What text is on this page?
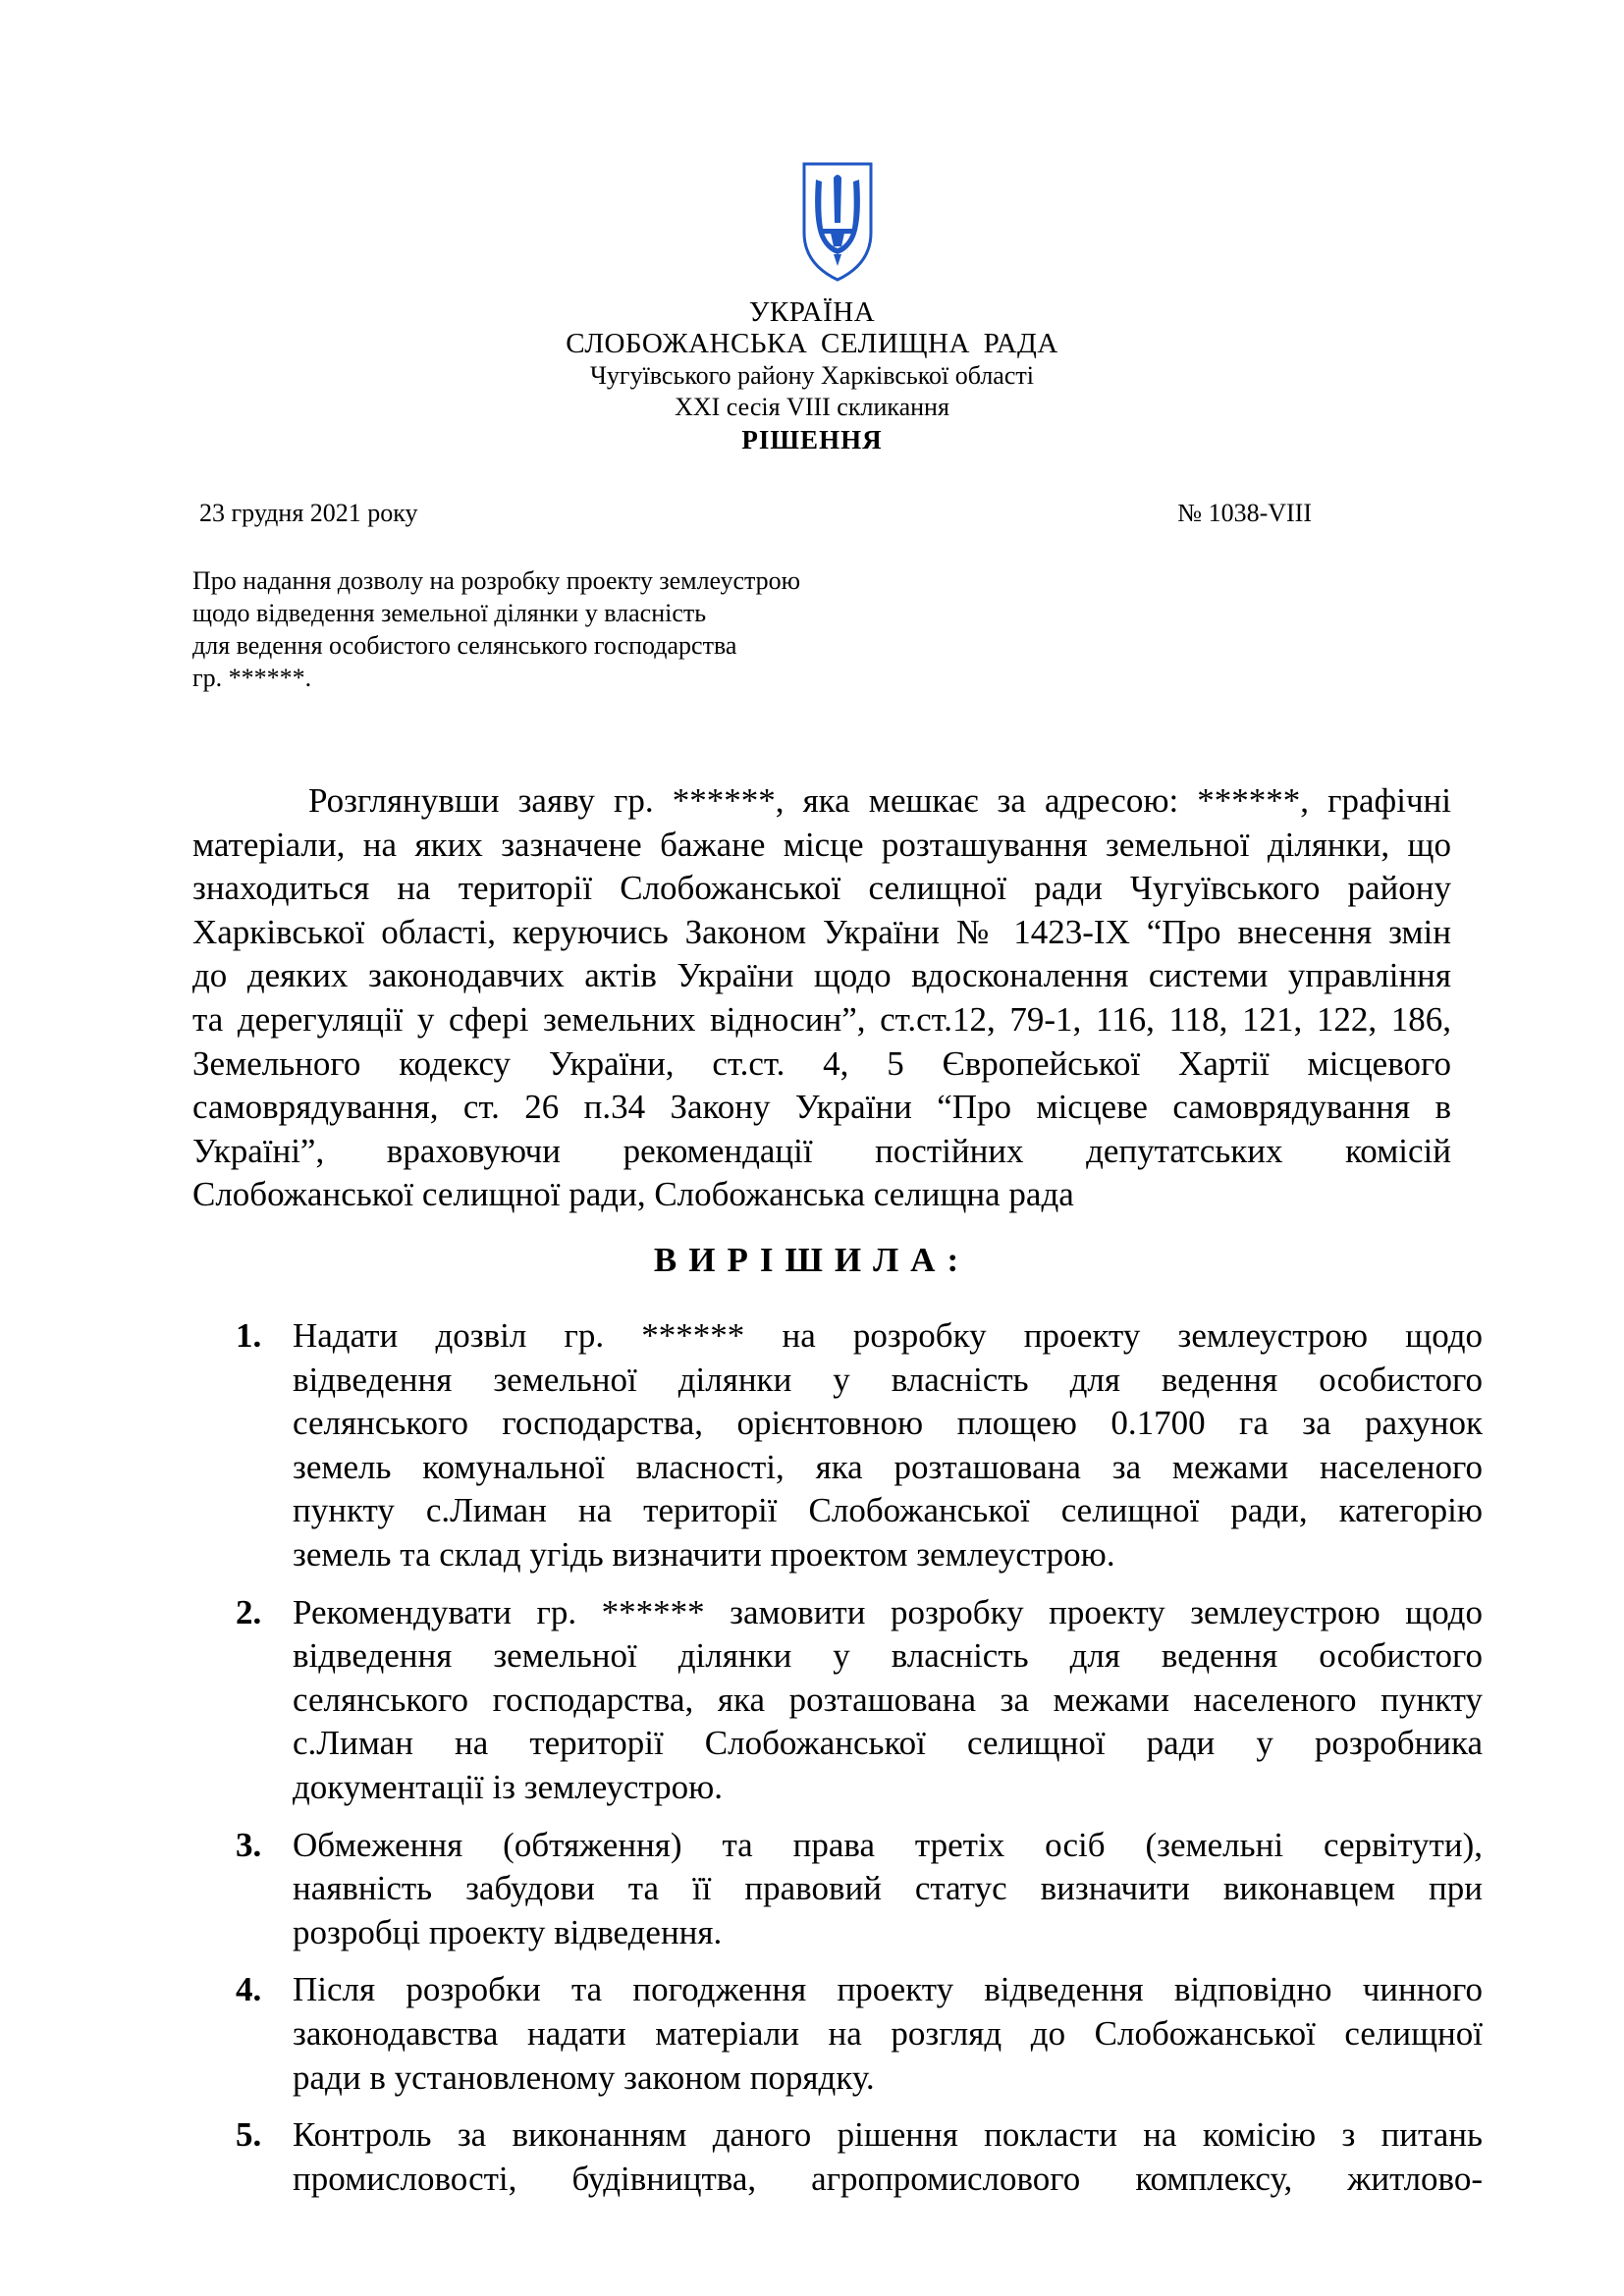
УКРАЇНА
СЛОБОЖАНСЬКА СЕЛИЩНА РАДА
Чугуївського району Харківської області
XXI сесія VIII скликання
РІШЕННЯ
23 грудня 2021 року	№ 1038-VIII
Про надання дозволу на розробку проекту землеустрою
щодо відведення земельної ділянки у власність
для ведення особистого селянського господарства
гр. ******.
Розглянувши заяву гр. ******, яка мешкає за адресою: ******, графічні
матеріали, на яких зазначене бажане місце розташування земельної ділянки, що
знаходиться на території Слобожанської селищної ради Чугуївського району
Харківської області, керуючись Законом України № 1423-IX “Про внесення змін
до деяких законодавчих актів України щодо вдосконалення системи управління
та дерегуляції у сфері земельних відносин”, ст.ст.12, 79-1, 116, 118, 121, 122, 186,
Земельного кодексу України, ст.ст. 4, 5 Європейської Хартії місцевого
самоврядування, ст. 26 п.34 Закону України “Про місцеве самоврядування в
Україні”, враховуючи рекомендації постійних депутатських комісій
Слобожанської селищної ради, Слобожанська селищна рада
ВИРІШИЛА:
1. Надати дозвіл гр. ****** на розробку проекту землеустрою щодо
відведення земельної ділянки у власність для ведення особистого
селянського господарства, орієнтовною площею 0.1700 га за рахунок
земель комунальної власності, яка розташована за межами населеного
пункту с.Лиман на території Слобожанської селищної ради, категорію
земель та склад угідь визначити проектом землеустрою.
2. Рекомендувати гр. ****** замовити розробку проекту землеустрою щодо
відведення земельної ділянки у власність для ведення особистого
селянського господарства, яка розташована за межами населеного пункту
с.Лиман на території Слобожанської селищної ради у розробника
документації із землеустрою.
3. Обмеження (обтяження) та права третіх осіб (земельні сервітути),
наявність забудови та її правовий статус визначити виконавцем при
розробці проекту відведення.
4. Після розробки та погодження проекту відведення відповідно чинного
законодавства надати матеріали на розгляд до Слобожанської селищної
ради в установленому законом порядку.
5. Контроль за виконанням даного рішення покласти на комісію з питань
промисловості, будівництва, агропромислового комплексу, житлово-
